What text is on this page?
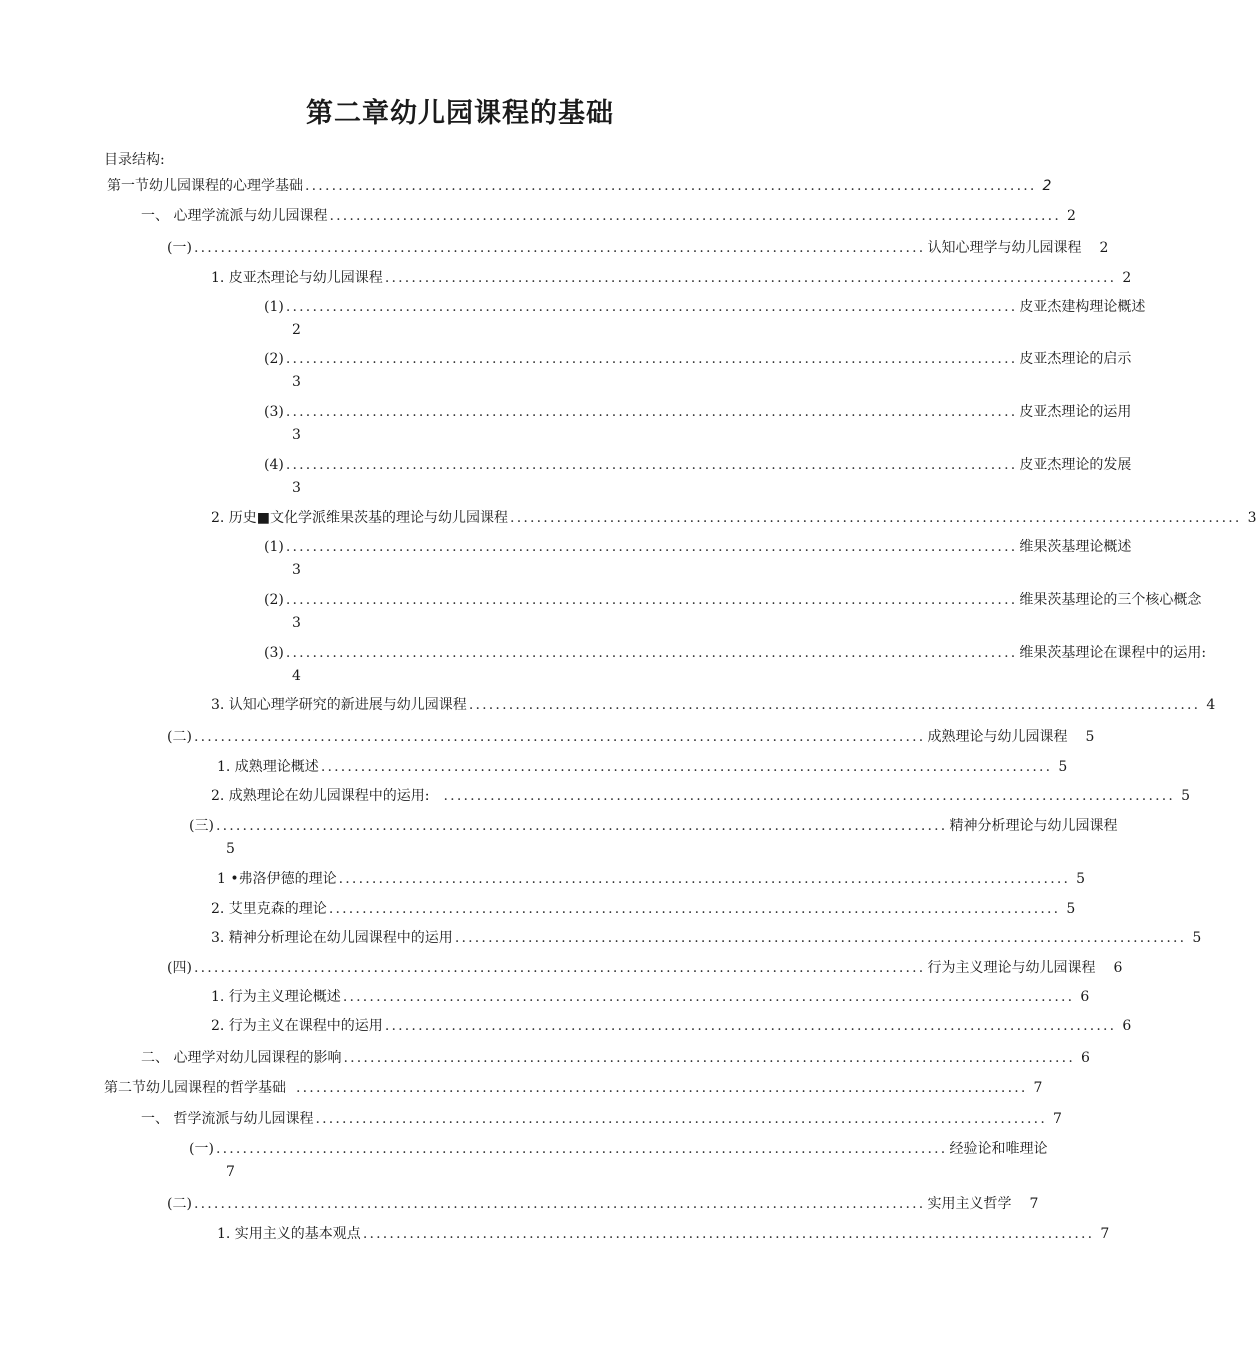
第二章幼儿园课程的基础
目录结构:
第一节幼儿园课程的心理学基础 .............................................................................................................. 2
一、 心理学流派与幼儿园课程 .............................................................................................................. 2
(一) .............................................................................................................. 认知心理学与幼儿园课程 2
1. 皮亚杰理论与幼儿园课程 .............................................................................................................. 2
(1) .............................................................................................................. 皮亚杰建构理论概述
2
(2) .............................................................................................................. 皮亚杰理论的启示
3
(3) .............................................................................................................. 皮亚杰理论的运用
3
(4) .............................................................................................................. 皮亚杰理论的发展
3
2. 历史■文化学派维果茨基的理论与幼儿园课程 .............................................................................................................. 3
(1) .............................................................................................................. 维果茨基理论概述
3
(2) .............................................................................................................. 维果茨基理论的三个核心概念
3
(3) .............................................................................................................. 维果茨基理论在课程中的运用:
4
3. 认知心理学研究的新进展与幼儿园课程 .............................................................................................................. 4
(二) .............................................................................................................. 成熟理论与幼儿园课程 5
1. 成熟理论概述 .............................................................................................................. 5
2. 成熟理论在幼儿园课程中的运用: .............................................................................................................. 5
(三) .............................................................................................................. 精神分析理论与幼儿园课程
5
1 •弗洛伊德的理论 .............................................................................................................. 5
2. 艾里克森的理论 .............................................................................................................. 5
3. 精神分析理论在幼儿园课程中的运用 .............................................................................................................. 5
(四) .............................................................................................................. 行为主义理论与幼儿园课程 6
1. 行为主义理论概述 .............................................................................................................. 6
2. 行为主义在课程中的运用 .............................................................................................................. 6
二、 心理学对幼儿园课程的影响 .............................................................................................................. 6
第二节幼儿园课程的哲学基础 .............................................................................................................. 7
一、 哲学流派与幼儿园课程 .............................................................................................................. 7
(一) .............................................................................................................. 经验论和唯理论
7
(二) .............................................................................................................. 实用主义哲学 7
1. 实用主义的基本观点 .............................................................................................................. 7
